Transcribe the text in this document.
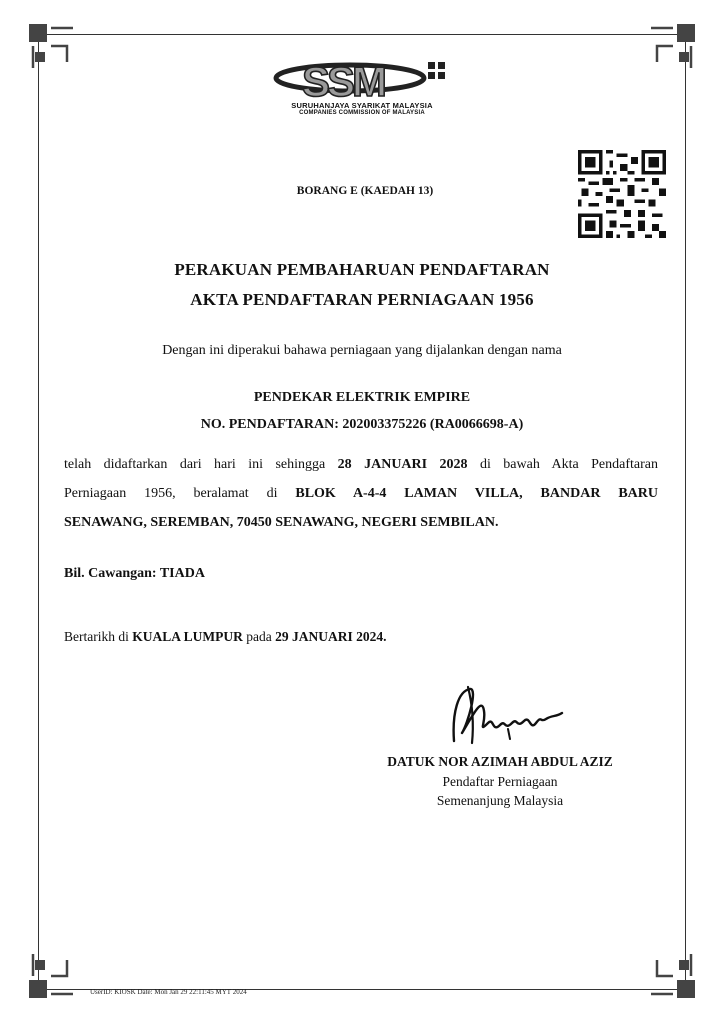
SSM
SURUHANJAYA SYARIKAT MALAYSIA
COMPANIES COMMISSION OF MALAYSIA
BORANG E (KAEDAH 13)
PERAKUAN PEMBAHARUAN PENDAFTARAN
AKTA PENDAFTARAN PERNIAGAAN 1956
Dengan ini diperakui bahawa perniagaan yang dijalankan dengan nama
PENDEKAR ELEKTRIK EMPIRE
NO. PENDAFTARAN: 202003375226 (RA0066698-A)
telah didaftarkan dari hari ini sehingga 28 JANUARI 2028 di bawah Akta Pendaftaran
Perniagaan 1956, beralamat di BLOK A-4-4 LAMAN VILLA, BANDAR BARU
SENAWANG, SEREMBAN, 70450 SENAWANG, NEGERI SEMBILAN.
Bil. Cawangan: TIADA
Bertarikh di KUALA LUMPUR pada 29 JANUARI 2024.
DATUK NOR AZIMAH ABDUL AZIZ
Pendaftar Perniagaan
Semenanjung Malaysia
UserID: KIOSK Date: Mon Jan 29 22:11:45 MYT 2024
